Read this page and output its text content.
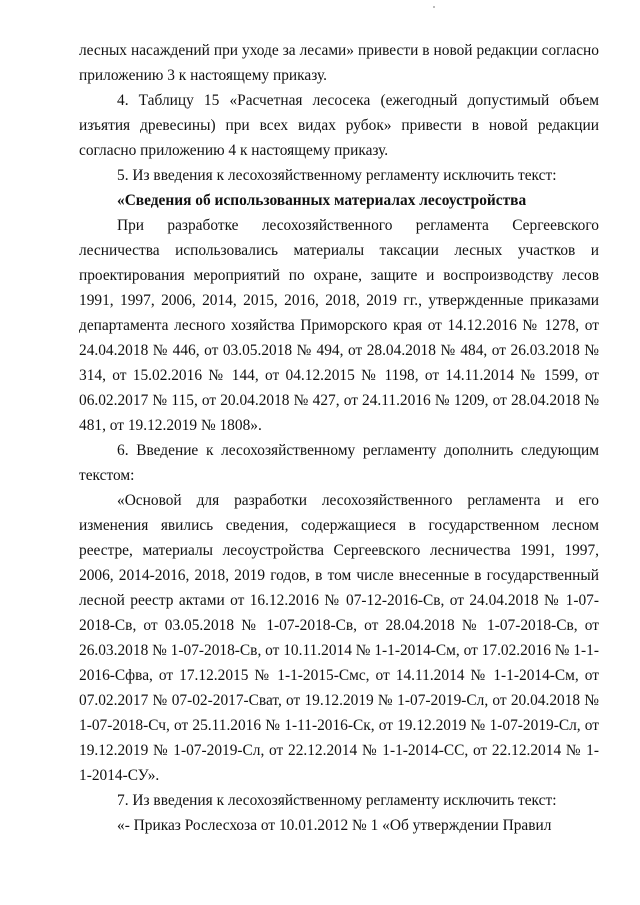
лесных насаждений при уходе за лесами» привести в новой редакции согласно приложению 3 к настоящему приказу.

4. Таблицу 15 «Расчетная лесосека (ежегодный допустимый объем изъятия древесины) при всех видах рубок» привести в новой редакции согласно приложению 4 к настоящему приказу.

5. Из введения к лесохозяйственному регламенту исключить текст:

«Сведения об использованных материалах лесоустройства

При разработке лесохозяйственного регламента Сергеевского лесничества использовались материалы таксации лесных участков и проектирования мероприятий по охране, защите и воспроизводству лесов 1991, 1997, 2006, 2014, 2015, 2016, 2018, 2019 гг., утвержденные приказами департамента лесного хозяйства Приморского края от 14.12.2016 № 1278, от 24.04.2018 № 446, от 03.05.2018 № 494, от 28.04.2018 № 484, от 26.03.2018 № 314, от 15.02.2016 № 144, от 04.12.2015 № 1198, от 14.11.2014 № 1599, от 06.02.2017 № 115, от 20.04.2018 № 427, от 24.11.2016 № 1209, от 28.04.2018 № 481, от 19.12.2019 № 1808».

6. Введение к лесохозяйственному регламенту дополнить следующим текстом:

«Основой для разработки лесохозяйственного регламента и его изменения явились сведения, содержащиеся в государственном лесном реестре, материалы лесоустройства Сергеевского лесничества 1991, 1997, 2006, 2014-2016, 2018, 2019 годов, в том числе внесенные в государственный лесной реестр актами от 16.12.2016 № 07-12-2016-Св, от 24.04.2018 № 1-07-2018-Св, от 03.05.2018 № 1-07-2018-Св, от 28.04.2018 № 1-07-2018-Св, от 26.03.2018 № 1-07-2018-Св, от 10.11.2014 № 1-1-2014-См, от 17.02.2016 № 1-1-2016-Сфва, от 17.12.2015 № 1-1-2015-Смс, от 14.11.2014 № 1-1-2014-См, от 07.02.2017 № 07-02-2017-Сват, от 19.12.2019 № 1-07-2019-Сл, от 20.04.2018 № 1-07-2018-Сч, от 25.11.2016 № 1-11-2016-Ск, от 19.12.2019 № 1-07-2019-Сл, от 19.12.2019 № 1-07-2019-Сл, от 22.12.2014 № 1-1-2014-СС, от 22.12.2014 № 1-1-2014-СУ».

7. Из введения к лесохозяйственному регламенту исключить текст:

«- Приказ Рослесхоза от 10.01.2012 № 1 «Об утверждении Правил
